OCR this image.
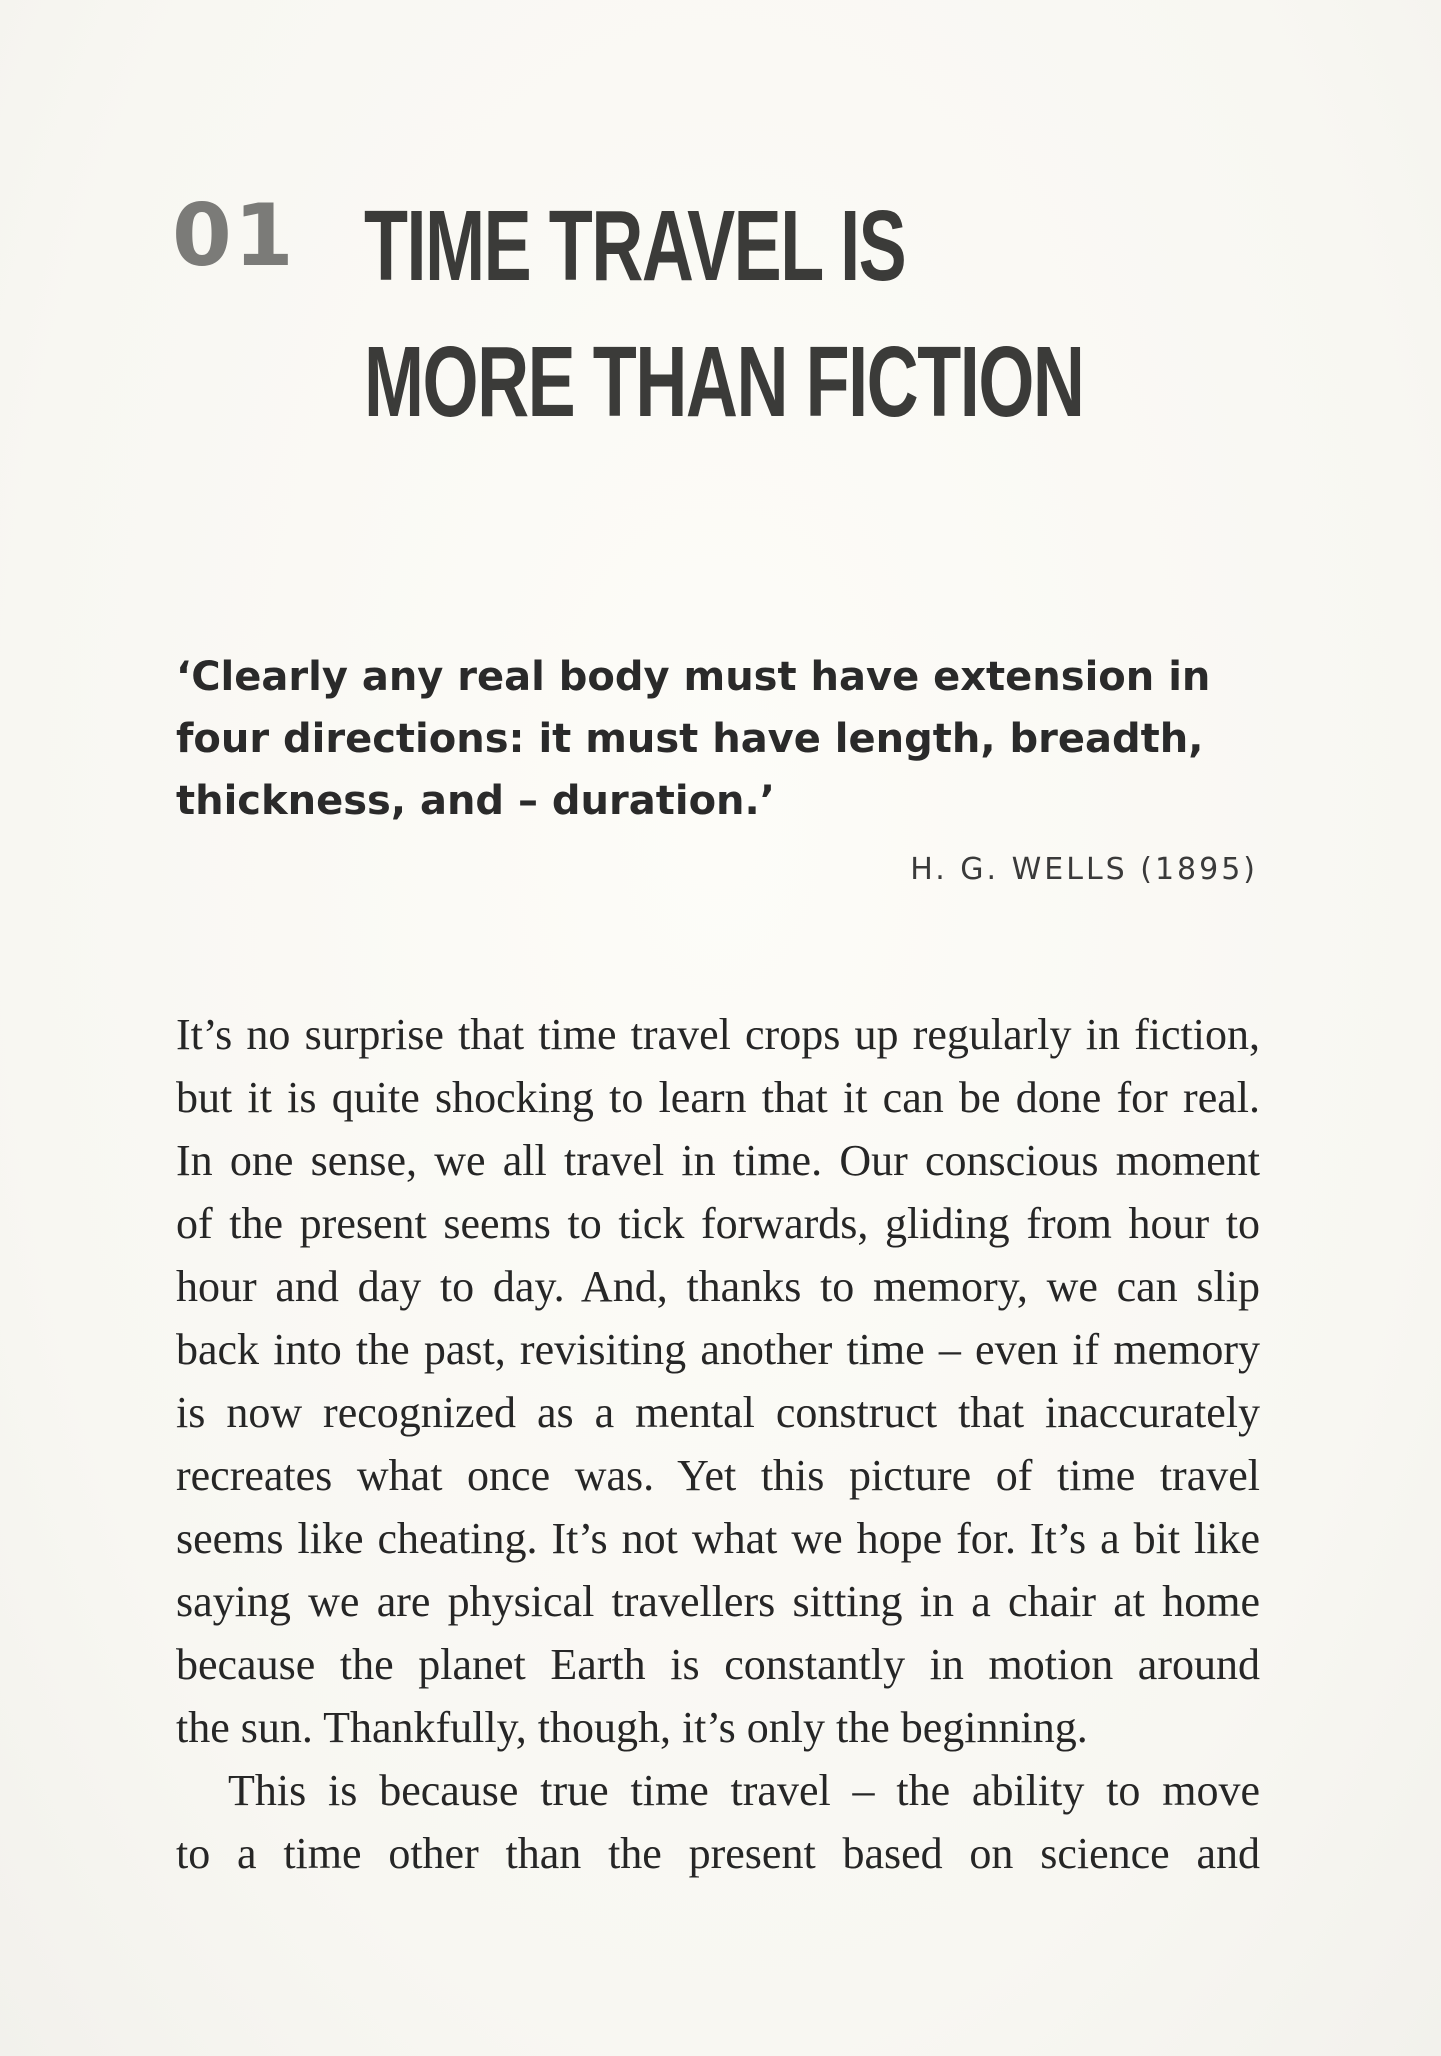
01 TIME TRAVEL IS
MORE THAN FICTION

‘Clearly any real body must have extension in
four directions: it must have length, breadth,
thickness, and – duration.’

H. G. WELLS (1895)

It’s no surprise that time travel crops up regularly in fiction,
but it is quite shocking to learn that it can be done for real.
In one sense, we all travel in time. Our conscious moment
of the present seems to tick forwards, gliding from hour to
hour and day to day. And, thanks to memory, we can slip
back into the past, revisiting another time – even if memory
is now recognized as a mental construct that inaccurately
recreates what once was. Yet this picture of time travel
seems like cheating. It’s not what we hope for. It’s a bit like
saying we are physical travellers sitting in a chair at home
because the planet Earth is constantly in motion around
the sun. Thankfully, though, it’s only the beginning.

This is because true time travel – the ability to move
to a time other than the present based on science and
